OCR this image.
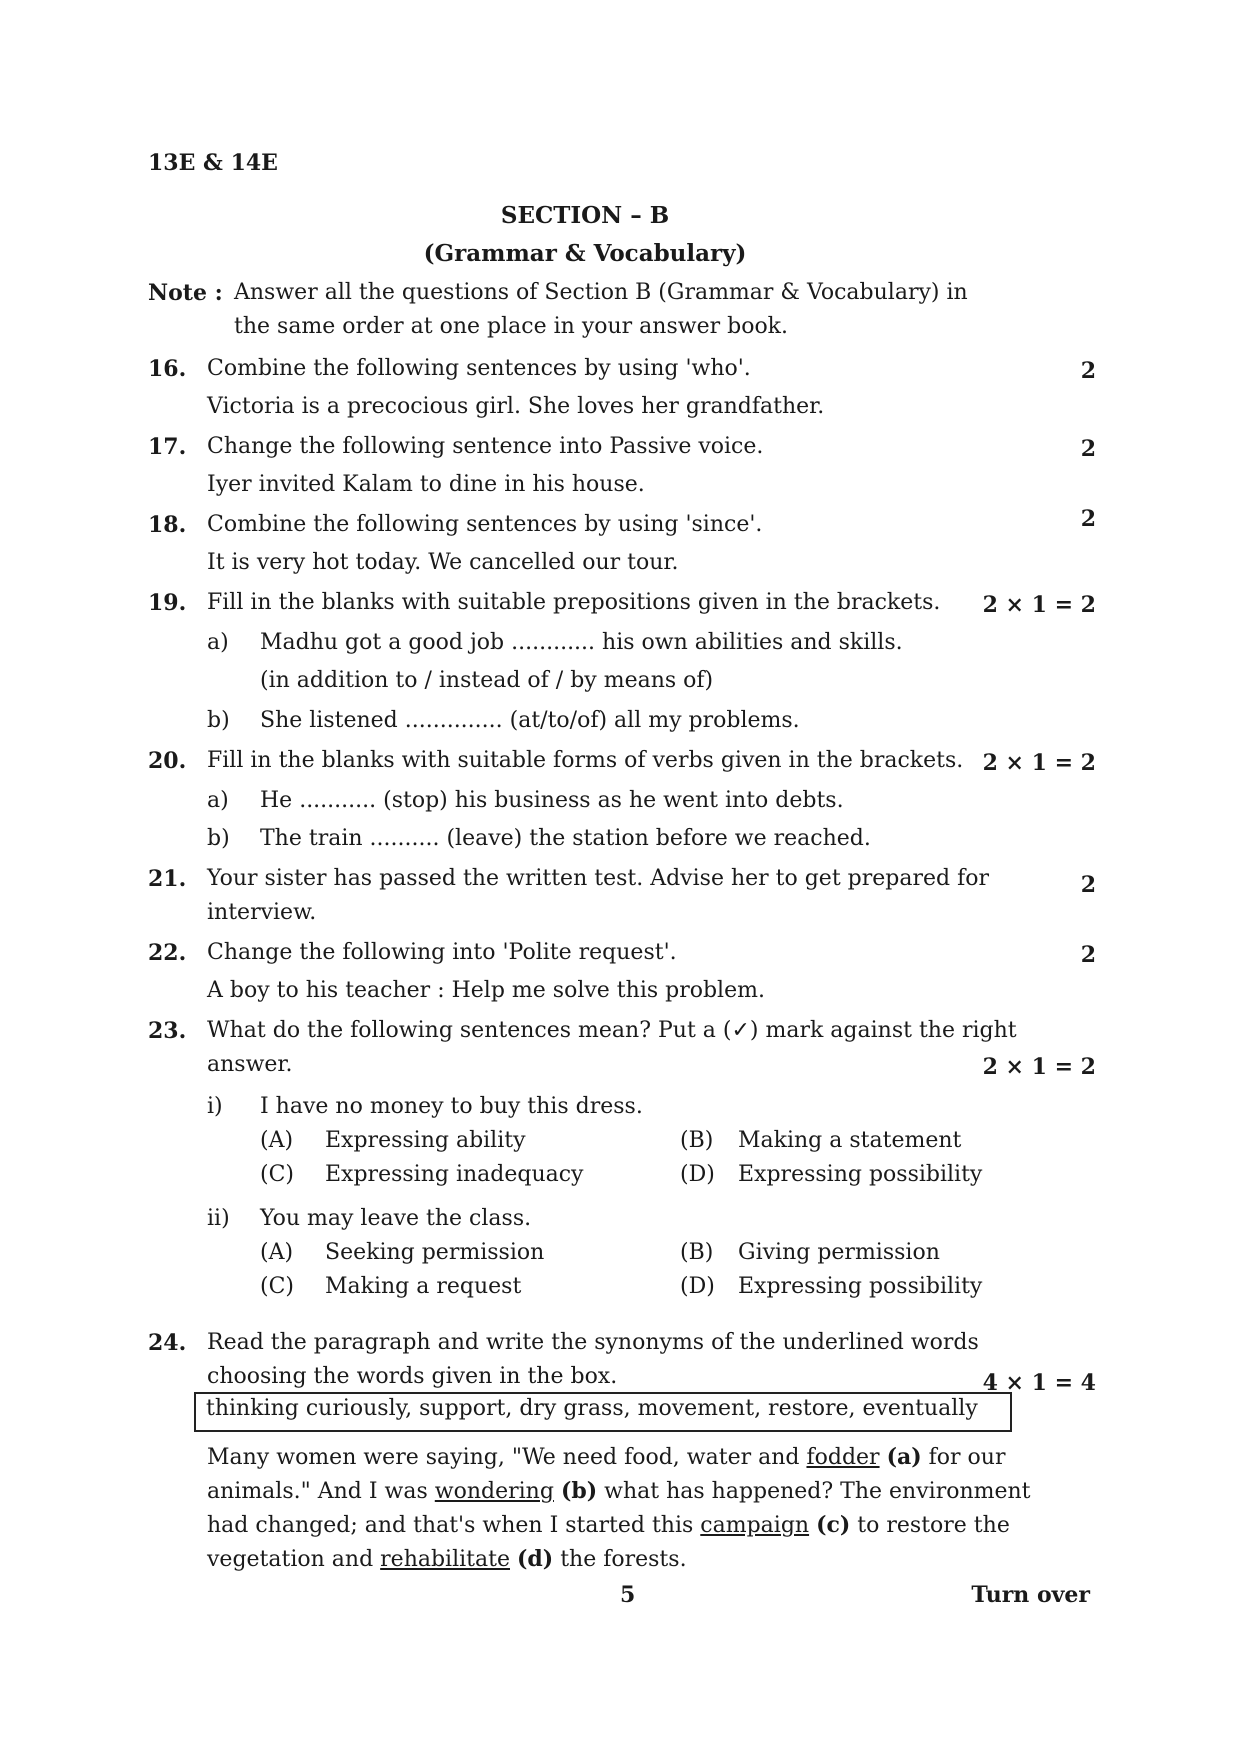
13E & 14E
SECTION – B
(Grammar & Vocabulary)
Note : Answer all the questions of Section B (Grammar & Vocabulary) in
the same order at one place in your answer book.
16. Combine the following sentences by using 'who'.	2
Victoria is a precocious girl. She loves her grandfather.
17. Change the following sentence into Passive voice.	2
Iyer invited Kalam to dine in his house.
18. Combine the following sentences by using 'since'.	2
It is very hot today. We cancelled our tour.
19. Fill in the blanks with suitable prepositions given in the brackets. 2 × 1 = 2
a) Madhu got a good job ............ his own abilities and skills.
(in addition to / instead of / by means of)
b) She listened .............. (at/to/of) all my problems.
20. Fill in the blanks with suitable forms of verbs given in the brackets. 2 × 1 = 2
a) He ........... (stop) his business as he went into debts.
b) The train .......... (leave) the station before we reached.
21. Your sister has passed the written test. Advise her to get prepared for
interview.
2
22. Change the following into 'Polite request'.	2
A boy to his teacher : Help me solve this problem.
23. What do the following sentences mean? Put a (✓) mark against the right
answer.	2 × 1 = 2
i) I have no money to buy this dress.
(A) Expressing ability	(B) Making a statement
(C) Expressing inadequacy	(D) Expressing possibility
ii) You may leave the class.
(A) Seeking permission	(B) Giving permission
(C) Making a request	(D) Expressing possibility
24. Read the paragraph and write the synonyms of the underlined words
choosing the words given in the box.	4 × 1 = 4
thinking curiously, support, dry grass, movement, restore, eventually
Many women were saying, "We need food, water and fodder (a) for our
animals." And I was wondering (b) what has happened? The environment
had changed; and that's when I started this campaign (c) to restore the
vegetation and rehabilitate (d) the forests.
5	Turn over
